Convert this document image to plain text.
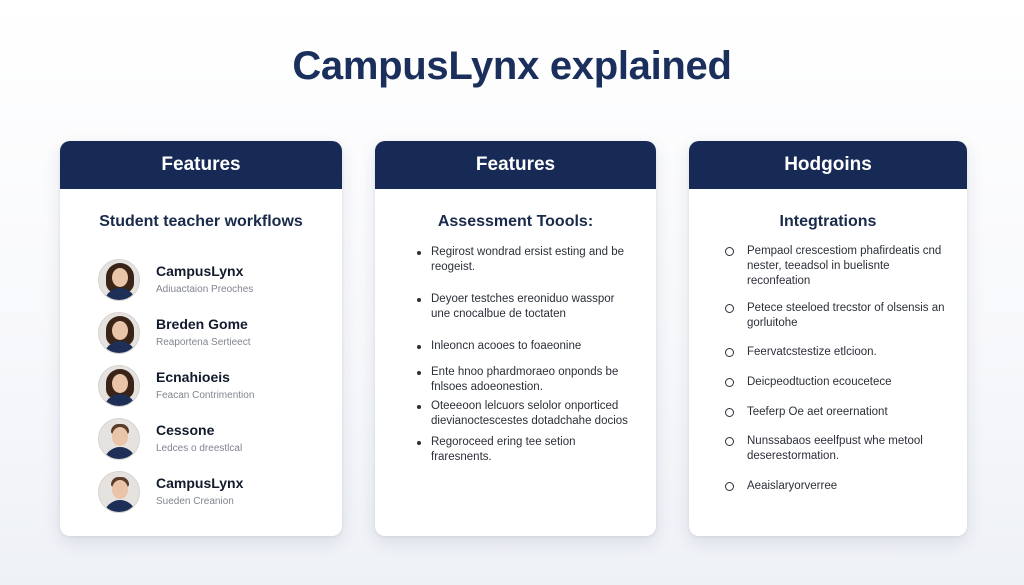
CampusLynx explained
Features
Student teacher workflows
CampusLynx
Adiuactaion Preoches
Breden Gome
Reaportena Sertieect
Ecnahioeis
Feacan Contrimention
Cessone
Ledces o dreestlcal
CampusLynx
Sueden Creanion
Features
Assessment Toools:
Regirost wondrad ersist esting and be reogeist.
Deyoer testches ereoniduo wasspor une cnocalbue de toctaten
Inleoncn acooes to foaeonine
Ente hnoo phardmoraeo onponds be fnlsoes adoeonestion.
Oteeeoon lelcuors selolor onporticed dievianoctescestes dotadchahe docios
Regoroceed ering tee setion fraresnents.
Hodgoins
Integtrations
Pempaol crescestiom phafirdeatis cnd nester, teeadsol in buelisnte reconfeation
Petece steeloed trecstor of olsensis an gorluitohe
Feervatcstestize etlcioon.
Deicpeodtuction ecoucetece
Teeferp Oe aet oreernationt
Nunssabaos eeelfpust whe metool deserestormation.
Aeaislaryorverree
